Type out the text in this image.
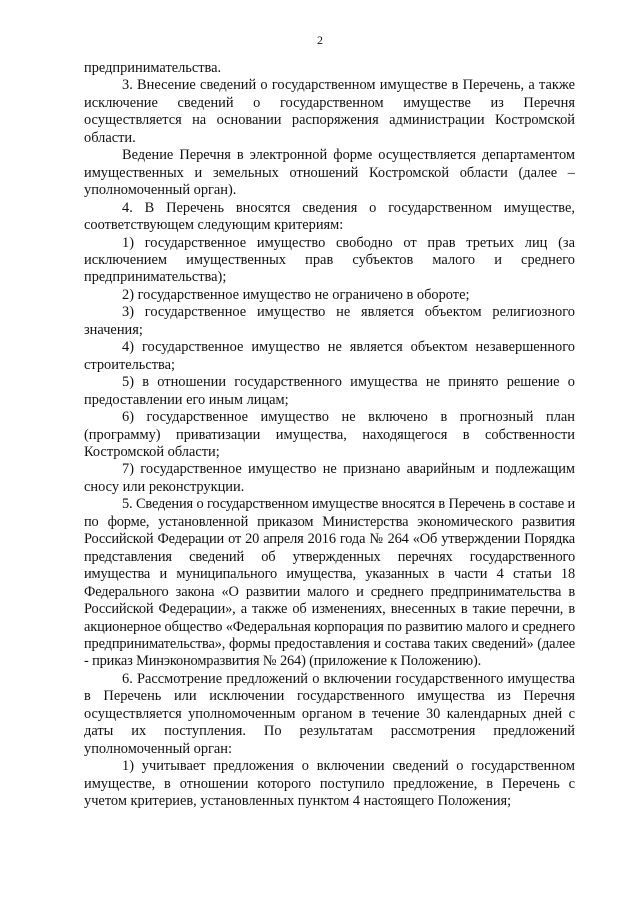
2

предпринимательства.

3. Внесение сведений о государственном имуществе в Перечень, а также исключение сведений о государственном имуществе из Перечня осуществляется на основании распоряжения администрации Костромской области.

Ведение Перечня в электронной форме осуществляется департаментом имущественных и земельных отношений Костромской области (далее – уполномоченный орган).

4. В Перечень вносятся сведения о государственном имуществе, соответствующем следующим критериям:

1) государственное имущество свободно от прав третьих лиц (за исключением имущественных прав субъектов малого и среднего предпринимательства);

2) государственное имущество не ограничено в обороте;

3) государственное имущество не является объектом религиозного значения;

4) государственное имущество не является объектом незавершенного строительства;

5) в отношении государственного имущества не принято решение о предоставлении его иным лицам;

6) государственное имущество не включено в прогнозный план (программу) приватизации имущества, находящегося в собственности Костромской области;

7) государственное имущество не признано аварийным и подлежащим сносу или реконструкции.

5. Сведения о государственном имуществе вносятся в Перечень в составе и по форме, установленной приказом Министерства экономического развития Российской Федерации от 20 апреля 2016 года № 264 «Об утверждении Порядка представления сведений об утвержденных перечнях государственного имущества и муниципального имущества, указанных в части 4 статьи 18 Федерального закона «О развитии малого и среднего предпринимательства в Российской Федерации», а также об изменениях, внесенных в такие перечни, в акционерное общество «Федеральная корпорация по развитию малого и среднего предпринимательства», формы предоставления и состава таких сведений» (далее - приказ Минэкономразвития № 264) (приложение к Положению).

6. Рассмотрение предложений о включении государственного имущества в Перечень или исключении государственного имущества из Перечня осуществляется уполномоченным органом в течение 30 календарных дней с даты их поступления. По результатам рассмотрения предложений уполномоченный орган:

1) учитывает предложения о включении сведений о государственном имуществе, в отношении которого поступило предложение, в Перечень с учетом критериев, установленных пунктом 4 настоящего Положения;
